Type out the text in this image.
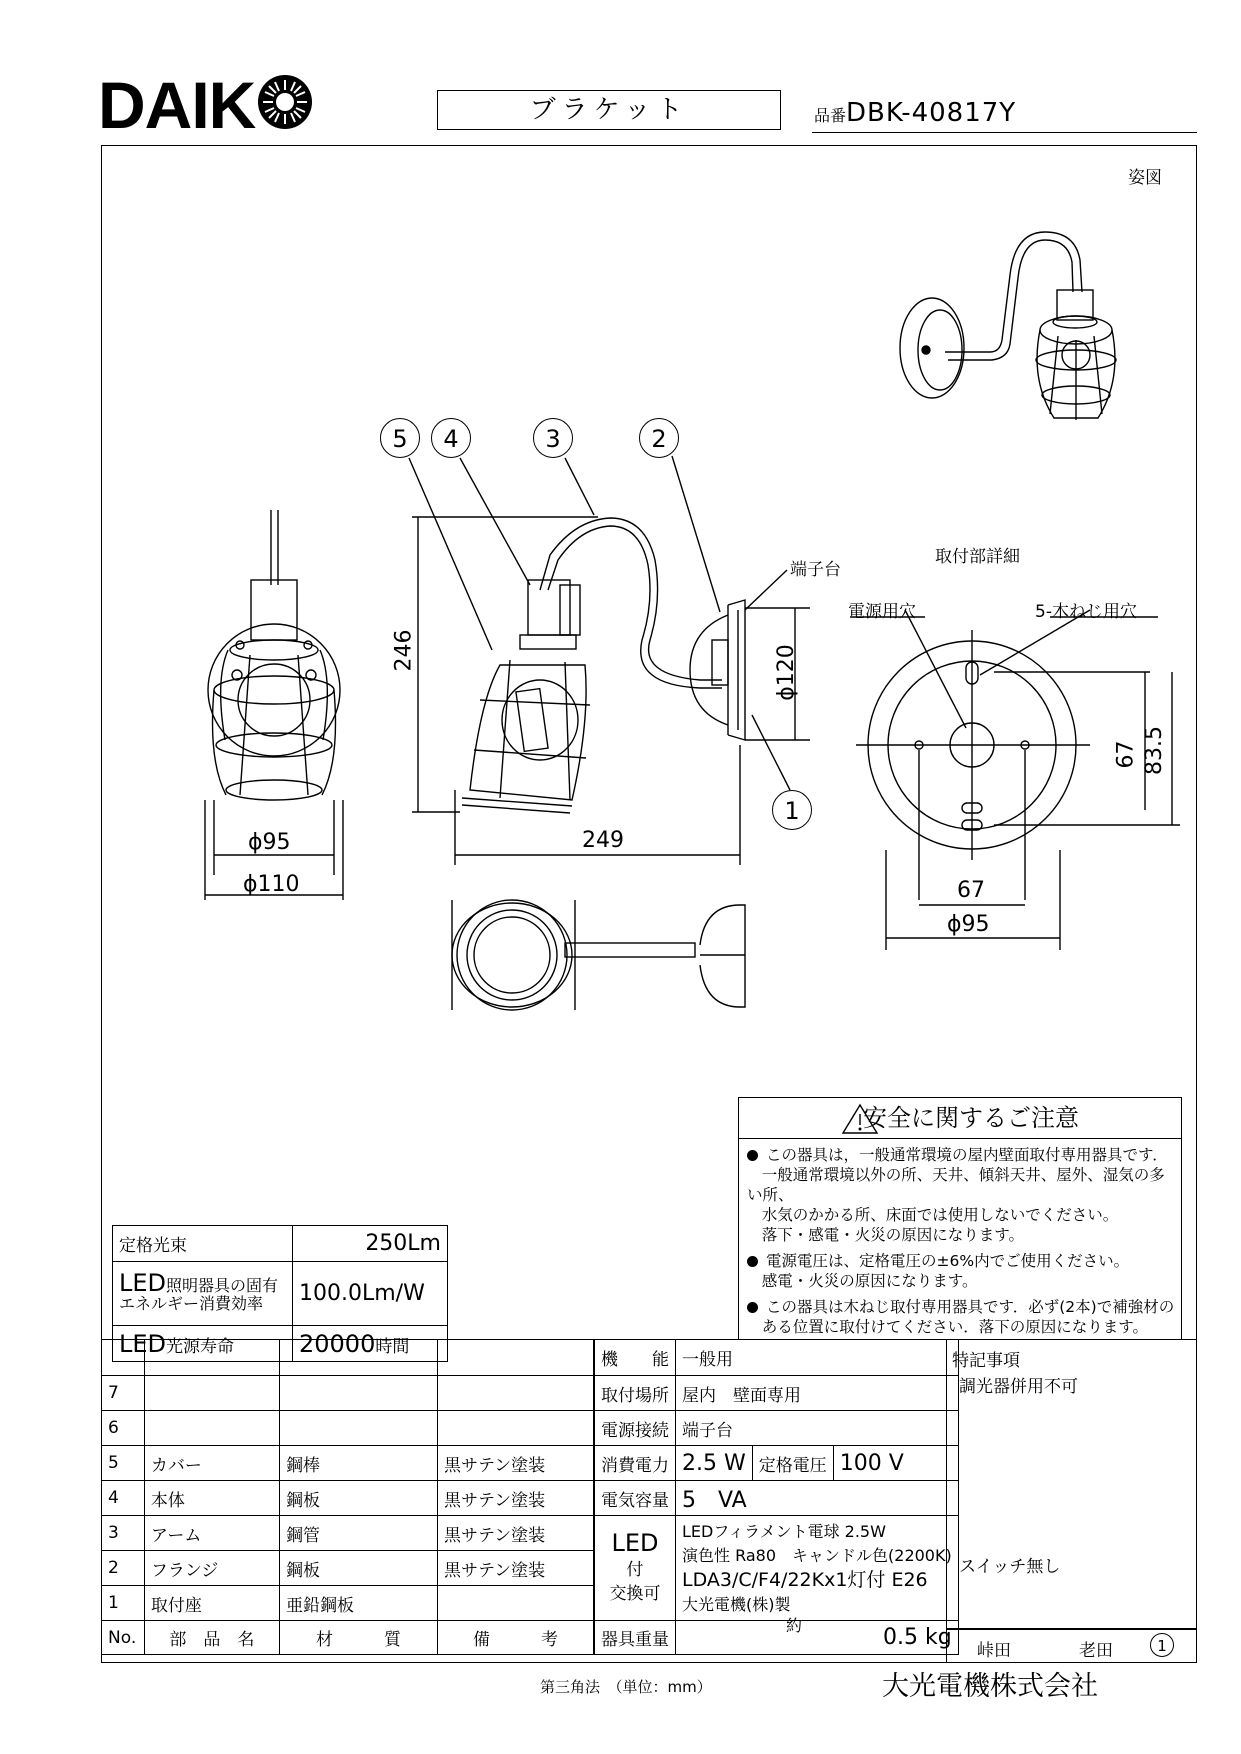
DAIK	ブラケット	品番DBK-40817Y
姿図
246
249
ϕ120
ϕ95
ϕ110
67 83.5
67
ϕ95
5	4	3	2
1
端子台
取付部詳細
電源用穴	5-木ねじ用穴
安全に関するご注意

この器具は，一般通常環境の屋内壁面取付専用器具です．
一般通常環境以外の所、天井、傾斜天井、屋外、湿気の多い所、
水気のかかる所、床面では使用しないでください。
落下・感電・火災の原因になります。

電源電圧は、定格電圧の±6%内でご使用ください。
感電・火災の原因になります。

この器具は木ねじ取付専用器具です．必ず(2本)で補強材の
ある位置に取付けてください．落下の原因になります。

定格光束	250Lm
LED照明器具の固有
エネルギー消費効率	100.0Lm/W
LED光源寿命	20000時間

7			
6			
5	カバー	鋼棒	黒サテン塗装
4	本体	鋼板	黒サテン塗装
3	アーム	鋼管	黒サテン塗装
2	フランジ	鋼板	黒サテン塗装
1	取付座	亜鉛鋼板	
No.	部　品　名	材　　　質	備　　　考
機　　能	一般用		
取付場所	屋内　壁面専用		
電源接続	端子台		
消費電力	2.5 W	定格電圧	100 V
電気容量	5　VA		
LED
付
交換可	LEDフィラメント電球 2.5W
演色性 Ra80　キャンドル色(2200K)
LDA3/C/F4/22Kx1灯付 E26
大光電機(株)製		
器具重量	約 0.5 kg		
特記事項
調光器併用不可
スイッチ無し
峠田	老田	1
第三角法　（単位：mm）	大光電機株式会社
